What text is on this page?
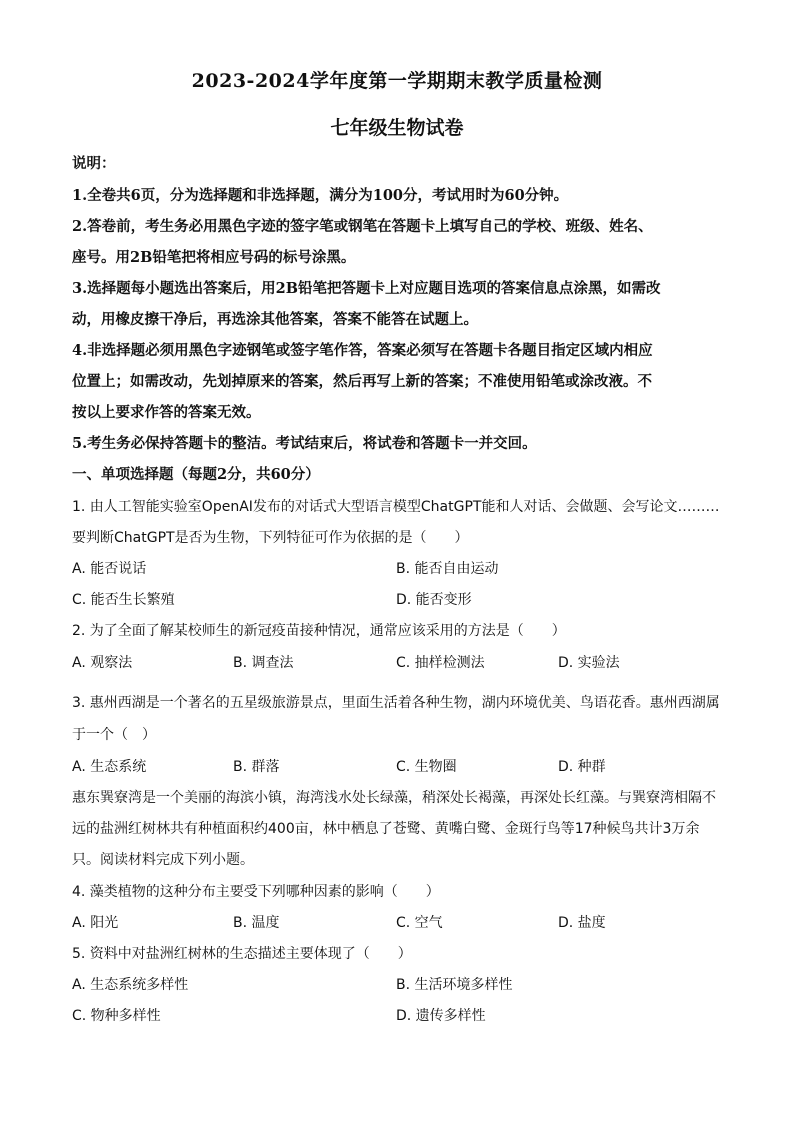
2023-2024学年度第一学期期末教学质量检测
七年级生物试卷
说明：
1.全卷共6页，分为选择题和非选择题，满分为100分，考试用时为60分钟。
2.答卷前，考生务必用黑色字迹的签字笔或钢笔在答题卡上填写自己的学校、班级、姓名、
座号。用2B铅笔把将相应号码的标号涂黑。
3.选择题每小题选出答案后，用2B铅笔把答题卡上对应题目选项的答案信息点涂黑，如需改
动，用橡皮擦干净后，再选涂其他答案，答案不能答在试题上。
4.非选择题必须用黑色字迹钢笔或签字笔作答，答案必须写在答题卡各题目指定区域内相应
位置上；如需改动，先划掉原来的答案，然后再写上新的答案；不准使用铅笔或涂改液。不
按以上要求作答的答案无效。
5.考生务必保持答题卡的整洁。考试结束后，将试卷和答题卡一并交回。
一、单项选择题（每题2分，共60分）
1. 由人工智能实验室OpenAI发布的对话式大型语言模型ChatGPT能和人对话、会做题、会写论文………
要判断ChatGPT是否为生物，下列特征可作为依据的是（　　）
A. 能否说话	B. 能否自由运动
C. 能否生长繁殖	D. 能否变形
2. 为了全面了解某校师生的新冠疫苗接种情况，通常应该采用的方法是（　　）
A. 观察法	B. 调查法	C. 抽样检测法	D. 实验法
3. 惠州西湖是一个著名的五星级旅游景点，里面生活着各种生物，湖内环境优美、鸟语花香。惠州西湖属
于一个（　）
A. 生态系统	B. 群落	C. 生物圈	D. 种群
惠东巽寮湾是一个美丽的海滨小镇，海湾浅水处长绿藻，稍深处长褐藻，再深处长红藻。与巽寮湾相隔不
远的盐洲红树林共有种植面积约400亩，林中栖息了苍鹭、黄嘴白鹭、金斑行鸟等17种候鸟共计3万余
只。阅读材料完成下列小题。
4. 藻类植物的这种分布主要受下列哪种因素的影响（　　）
A. 阳光	B. 温度	C. 空气	D. 盐度
5. 资料中对盐洲红树林的生态描述主要体现了（　　）
A. 生态系统多样性	B. 生活环境多样性
C. 物种多样性	D. 遗传多样性
